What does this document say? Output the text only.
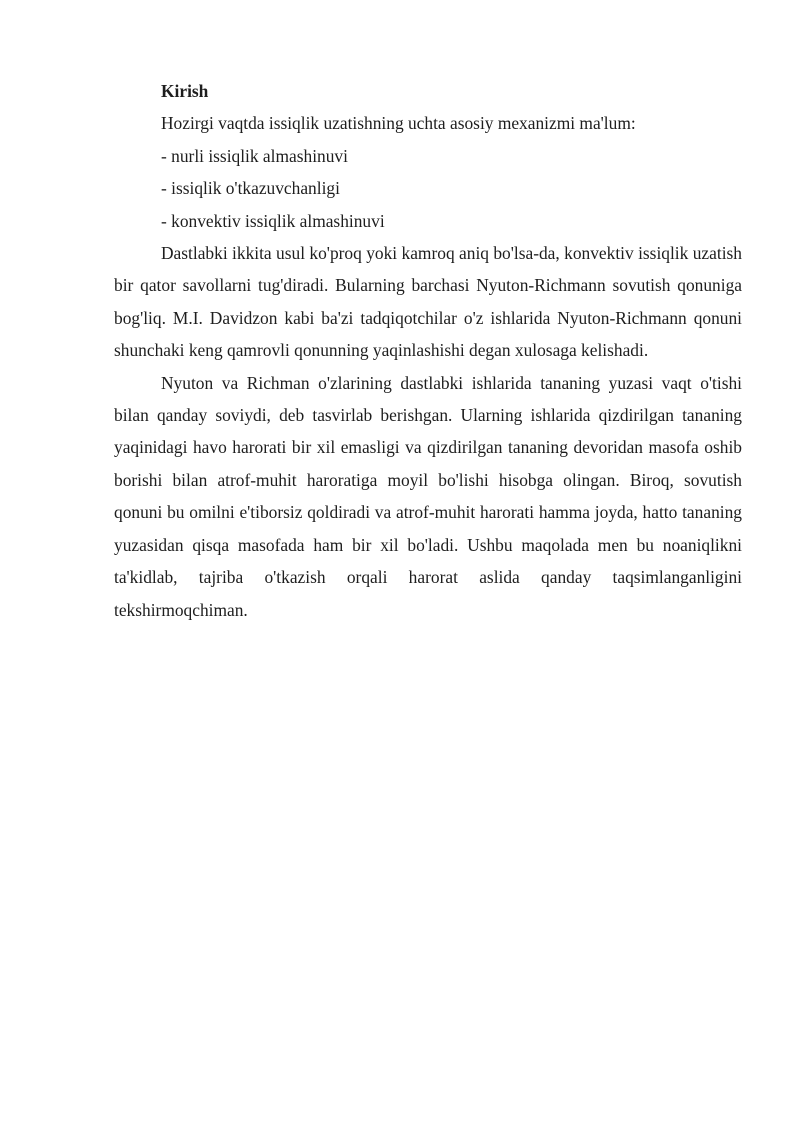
Kirish

Hozirgi vaqtda issiqlik uzatishning uchta asosiy mexanizmi ma'lum:

- nurli issiqlik almashinuvi

- issiqlik o'tkazuvchanligi

- konvektiv issiqlik almashinuvi

Dastlabki ikkita usul ko'proq yoki kamroq aniq bo'lsa-da, konvektiv issiqlik uzatish bir qator savollarni tug'diradi. Bularning barchasi Nyuton-Richmann sovutish qonuniga bog'liq. M.I. Davidzon kabi ba'zi tadqiqotchilar o'z ishlarida Nyuton-Richmann qonuni shunchaki keng qamrovli qonunning yaqinlashishi degan xulosaga kelishadi.

Nyuton va Richman o'zlarining dastlabki ishlarida tananing yuzasi vaqt o'tishi bilan qanday soviydi, deb tasvirlab berishgan. Ularning ishlarida qizdirilgan tananing yaqinidagi havo harorati bir xil emasligi va qizdirilgan tananing devoridan masofa oshib borishi bilan atrof-muhit haroratiga moyil bo'lishi hisobga olingan. Biroq, sovutish qonuni bu omilni e'tiborsiz qoldiradi va atrof-muhit harorati hamma joyda, hatto tananing yuzasidan qisqa masofada ham bir xil bo'ladi. Ushbu maqolada men bu noaniqlikni ta'kidlab, tajriba o'tkazish orqali harorat aslida qanday taqsimlanganligini tekshirmoqchiman.
